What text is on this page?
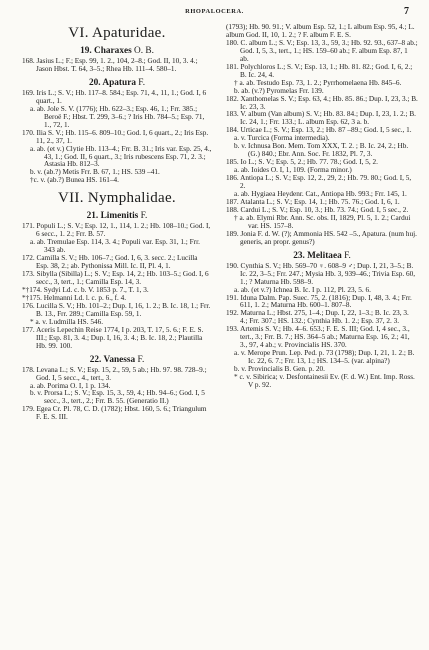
RHOPALOCERA.	7
VI. Apaturidae.
19. Charaxes O. B.

168. Jasius L.; F.; Esp. 99, 1. 2., 104, 2–8.; God. II, 10, 3. 4.; Jason Hbst. T. 64, 3–5.; Rhea Hb. 111–4. 580–1.

20. Apatura F.

169. Iris L.; S. V.; Hb. 117–8. 584.; Esp. 71, 4., 11, 1.; God. I, 6 quart., 1.

a. ab. Jole S. V. (1776); Hb. 622–3.; Esp. 46, 1.; Frr. 385.; Beroë F.; Hbst. T. 299, 3–6.; ? Iris Hb. 784–5.; Esp. 71, 1., 72, 1.

170. Ilia S. V.; Hb. 115–6. 809–10.; God. I, 6 quart., 2.; Iris Esp. 11, 2., 37, 1.

a. ab. (et v.) Clytie Hb. 113–4.; Frr. B. 31.; Iris var. Esp. 25, 4., 43, 1.; God. II, 6 quart., 3.; Iris rubescens Esp. 71, 2. 3.; Astasia Hb. 812–3.

b. v. (ab.?) Metis Frr. B. 67, 1.; HS. 539 –41.

†c. v. (ab.?) Bunea HS. 161–4.

VII. Nymphalidae.
21. Limenitis F.

171. Populi L.; S. V.; Esp. 12, 1., 114, 1. 2.; Hb. 108–10.; God. I, 6 secc., 1. 2.; Frr. B. 57.

a. ab. Tremulae Esp. 114, 3. 4.; Populi var. Esp. 31, 1.; Frr. 343 ab.

172. Camilla S. V.; Hb. 106–7.; God. I, 6, 3. secc. 2.; Lucilla Esp. 38, 2.; ab. Pythonissa Mill. Ic. II, Pl. 4, 1.

173. Sibylla (Sibilla) L.; S. V.; Esp. 14, 2.; Hb. 103–5.; God. I, 6 secc., 3, tert., 1.; Camilla Esp. 14, 3.

*†174. Sydyi Ld. c. b. V. 1853 p. 7., T. 1, 3.

*†175. Helmanni Ld. l. c. p. 6., f. 4.

176. Lucilla S. V.; Hb. 101–2.; Dup. I, 16, 1. 2.; B. Ic. 18, 1.; Frr. B. 13., Frr. 289.; Camilla Esp. 59, 1.

* a. v. Ludmilla HS. 546.

177. Aceris Lepechin Reise 1774, I p. 203, T. 17, 5. 6.; F. E. S. III.; Esp. 81, 3. 4.; Dup. I, 16, 3. 4.; B. Ic. 18, 2.; Plautilla Hb. 99. 100.

22. Vanessa F.

178. Levana L.; S. V.; Esp. 15, 2., 59, 5 ab.; Hb. 97. 98. 728–9.; God. I, 5 secc., 4., tert., 3.

a. ab. Porima O. I, 1 p. 134.

b. v. Prorsa L.; S. V.; Esp. 15, 3., 59, 4.; Hb. 94–6.; God. I, 5 secc., 3., tert., 2.; Frr. B. 55. (Generatio II.)

179. Egea Cr. Pl. 78, C. D. (1782); Hbst. 160, 5. 6.; Triangulum F. E. S. III.

(1793); Hb. 90. 91.; V. album Esp. 52, 1.; L album Esp. 95, 4.; L. album God. II, 10, 1. 2.; ? F. album F. E. S.

180. C. album L.; S. V.; Esp. 13, 3., 59, 3.; Hb. 92. 93., 637–8 ab.; God. I, 5, 3., tert., 1.; HS. 159–60 ab.; F. album Esp. 87, 1 ab.

181. Polychloros L.; S. V.; Esp. 13, 1.; Hb. 81. 82.; God. I, 6, 2.; B. Ic. 24, 4.

† a. ab. Testudo Esp. 73, 1. 2.; Pyrrhomelaena Hb. 845–6.

b. ab. (v.?) Pyromelas Frr. 139.

182. Xanthomelas S. V.; Esp. 63, 4.; Hb. 85. 86.; Dup. I, 23, 3.; B. Ic. 23, 3.

183. V. album (Van album) S. V.; Hb. 83. 84.; Dup. I, 23, 1. 2.; B. Ic. 24, 1.; Frr. 133.; L. album Esp. 62, 3 a. b.

184. Urticae L.; S. V.; Esp. 13, 2.; Hb. 87 –89.; God. I, 5 sec., 1.

a. v. Turcica (Forma intermedia).

b. v. Ichnusa Bon. Mem. Tom XXX, T. 2. ; B. Ic. 24, 2.; Hb. (G.) 840.; Ebr. Ann. Soc. Fr. 1832, Pl. 7, 3.

185. Io L.; S. V.; Esp. 5, 2.; Hb. 77. 78.; God. I, 5, 2.

a. ab. Ioides O. I, 1, 109. (Forma minor.)

186. Antiopa L.; S. V.; Esp. 12, 2., 29, 2.; Hb. 79. 80.; God. I, 5, 2.

a. ab. Hygiaea Heydenr. Cat., Antiopa Hb. 993.; Frr. 145, 1.

187. Atalanta L.; S. V.; Esp. 14, 1.; Hb. 75. 76.; God. I, 6, 1.

188. Cardui L.; S. V.; Esp. 10, 3.; Hb. 73. 74.; God. I, 5 sec., 2.

† a. ab. Elymi Rbr. Ann. Sc. obs. II, 1829, Pl. 5, 1. 2.; Cardui var. HS. 157–8.

189. Jonia F. d. W. (?); Ammonia HS. 542 –5., Apatura. (num huj. generis, an propr. genus?)

23. Melitaea F.

190. Cynthia S. V.; Hb. 569–70 ♀. 608–9 ♂; Dup. I, 21, 3–5.; B. Ic. 22, 3–5.; Frr. 247.; Mysia Hb. 3, 939–46.; Trivia Esp. 60, 1.; ? Maturna Hb. 598–9.

a. ab. (et v.?) Ichnea B. Ic. I p. 112, Pl. 23, 5. 6.

191. Iduna Dalm. Pap. Suec. 75, 2. (1816); Dup. I, 48, 3. 4.; Frr. 611, 1. 2.; Maturna Hb. 600–1. 807–8.

192. Maturna L.; Hbst. 275, 1–4.; Dup. I, 22, 1–3.; B. Ic. 23, 3. 4.; Frr. 307.; HS. 132.; Cynthia Hb. 1. 2.; Esp. 37, 2. 3.

193. Artemis S. V.; Hb. 4–6. 653.; F. E. S. III; God. I, 4 sec., 3., tert., 3.; Frr. B. 7.; HS. 364–5 ab.; Maturna Esp. 16, 2.; 41, 3., 97, 4 ab.; v. Provincialis HS. 370.

a. v. Merope Prun. Lep. Ped. p. 73 (1798); Dup. I, 21, 1. 2.; B. Ic. 22, 6. 7.; Frr. 13, 1.; HS. 134–5. (var. alpina?)

b. v. Provincialis B. Gen. p. 20.

* c. v. Sibirica; v. Desfontainesii Ev. (F. d. W.) Ent. Imp. Ross. V p. 92.
